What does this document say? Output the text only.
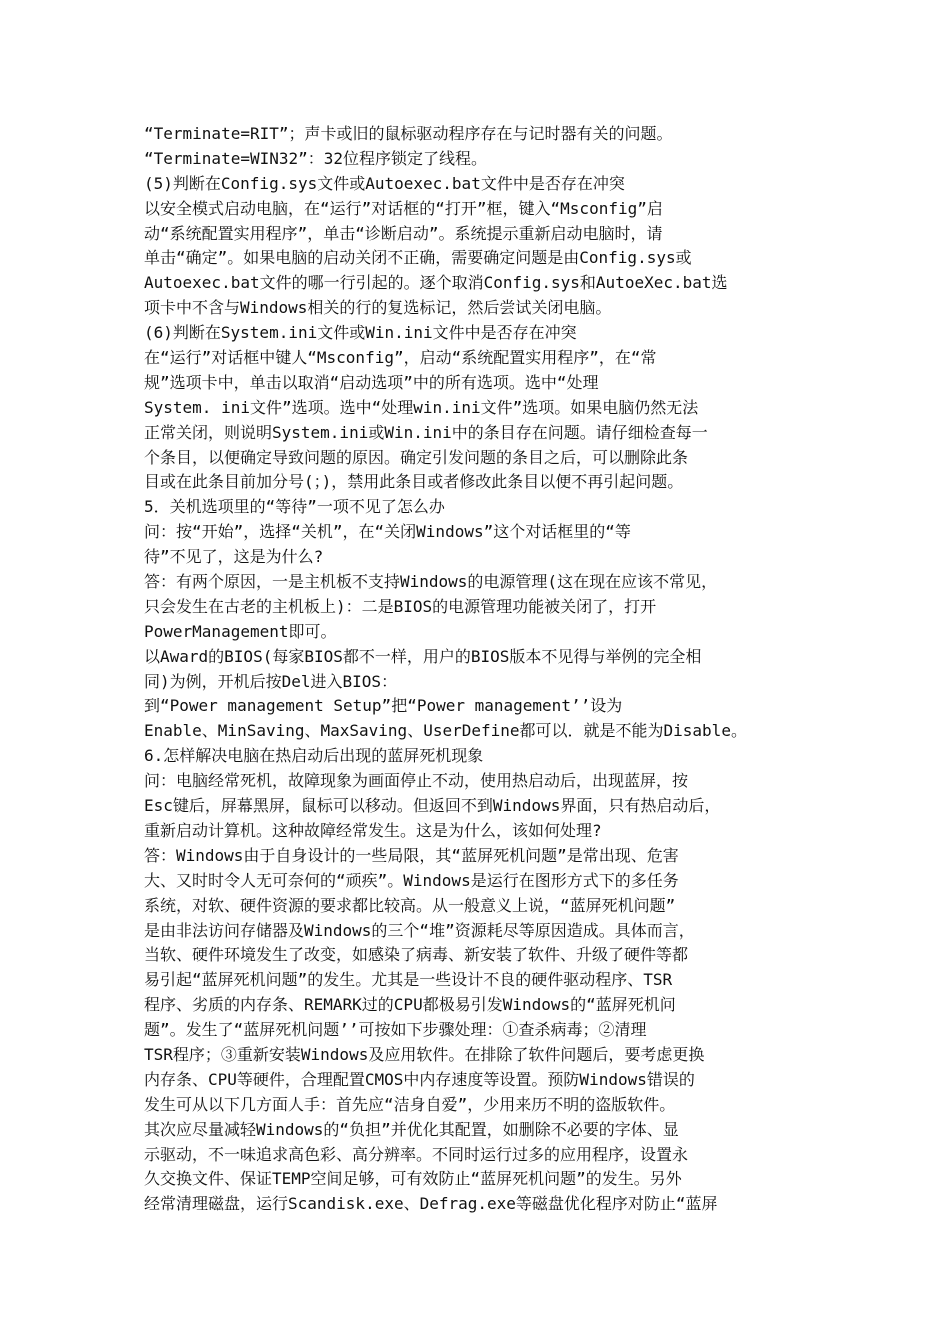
“Terminate=RIT”；声卡或旧的鼠标驱动程序存在与记时器有关的问题。
“Terminate=WIN32”：32位程序锁定了线程。
(5)判断在Config.sys文件或Autoexec.bat文件中是否存在冲突
以安全模式启动电脑，在“运行”对话框的“打开”框，键入“Msconfig”启
动“系统配置实用程序”，单击“诊断启动”。系统提示重新启动电脑时，请
单击“确定”。如果电脑的启动关闭不正确，需要确定问题是由Config.sys或
Autoexec.bat文件的哪一行引起的。逐个取消Config.sys和AutoeXec.bat选
项卡中不含与Windows相关的行的复选标记，然后尝试关闭电脑。
(6)判断在System.ini文件或Win.ini文件中是否存在冲突
在“运行”对话框中键人“Msconfig”，启动“系统配置实用程序”，在“常
规”选项卡中，单击以取消“启动选项”中的所有选项。选中“处理
System. ini文件”选项。选中“处理win.ini文件”选项。如果电脑仍然无法
正常关闭，则说明System.ini或Win.ini中的条目存在问题。请仔细检查每一
个条目，以便确定导致问题的原因。确定引发问题的条目之后，可以删除此条
目或在此条目前加分号(；)，禁用此条目或者修改此条目以便不再引起问题。
5．关机选项里的“等待”一项不见了怎么办
问：按“开始”，选择“关机”，在“关闭Windows”这个对话框里的“等
待”不见了，这是为什么?
答：有两个原因，一是主机板不支持Windows的电源管理(这在现在应该不常见，
只会发生在古老的主机板上)：二是BIOS的电源管理功能被关闭了，打开
PowerManagement即可。
以Award的BIOS(每家BIOS都不一样，用户的BIOS版本不见得与举例的完全相
同)为例，开机后按Del进入BIOS：
到“Power management Setup”把“Power management’’设为
Enable、MinSaving、MaxSaving、UserDefine都可以．就是不能为Disable。
6.怎样解决电脑在热启动后出现的蓝屏死机现象
问：电脑经常死机，故障现象为画面停止不动，使用热启动后，出现蓝屏，按
Esc键后，屏幕黑屏，鼠标可以移动。但返回不到Windows界面，只有热启动后，
重新启动计算机。这种故障经常发生。这是为什么，该如何处理?
答：Windows由于自身设计的一些局限，其“蓝屏死机问题”是常出现、危害
大、又时时令人无可奈何的“顽疾”。Windows是运行在图形方式下的多任务
系统，对软、硬件资源的要求都比较高。从一般意义上说，“蓝屏死机问题”
是由非法访问存储器及Windows的三个“堆”资源耗尽等原因造成。具体而言，
当软、硬件环境发生了改变，如感染了病毒、新安装了软件、升级了硬件等都
易引起“蓝屏死机问题”的发生。尤其是一些设计不良的硬件驱动程序、TSR
程序、劣质的内存条、REMARK过的CPU都极易引发Windows的“蓝屏死机问
题”。发生了“蓝屏死机问题’’可按如下步骤处理：①查杀病毒；②清理
TSR程序；③重新安装Windows及应用软件。在排除了软件问题后，要考虑更换
内存条、CPU等硬件，合理配置CMOS中内存速度等设置。预防Windows错误的
发生可从以下几方面人手：首先应“洁身自爱”，少用来历不明的盗版软件。
其次应尽量减轻Windows的“负担”并优化其配置，如删除不必要的字体、显
示驱动，不一味追求高色彩、高分辨率。不同时运行过多的应用程序，设置永
久交换文件、保证TEMP空间足够，可有效防止“蓝屏死机问题”的发生。另外
经常清理磁盘，运行Scandisk.exe、Defrag.exe等磁盘优化程序对防止“蓝屏
